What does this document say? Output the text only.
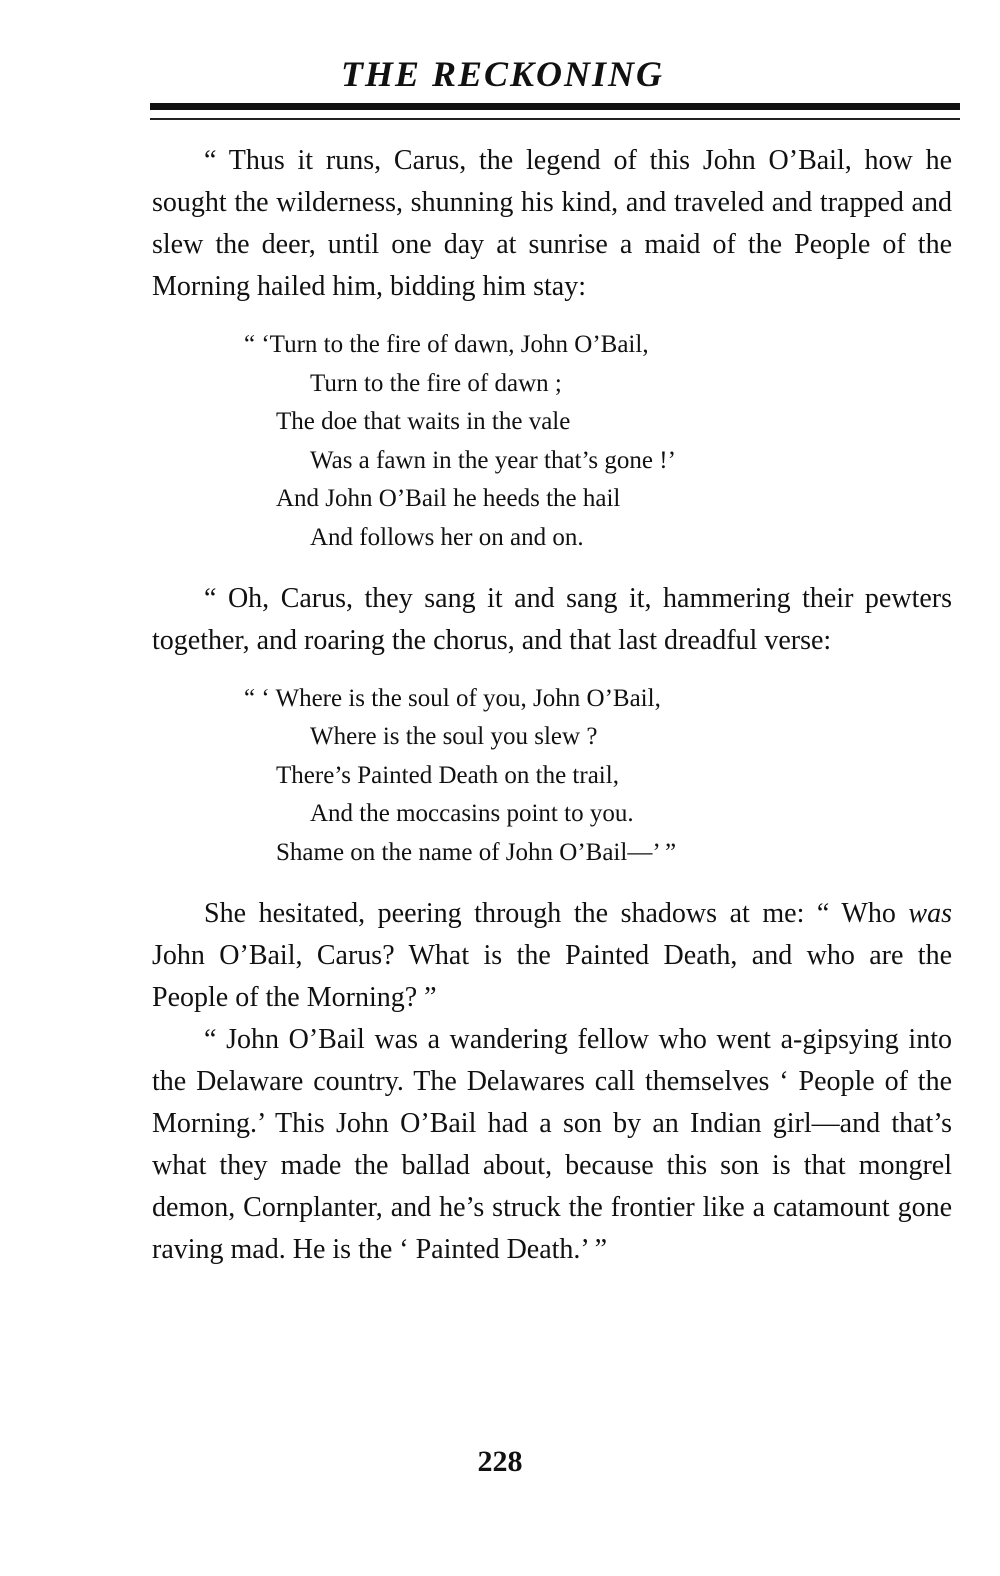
THE RECKONING

“ Thus it runs, Carus, the legend of this John O’Bail, how he sought the wilderness, shunning his kind, and traveled and trapped and slew the deer, until one day at sunrise a maid of the People of the Morning hailed him, bidding him stay:

“ ‘Turn to the fire of dawn, John O’Bail,
Turn to the fire of dawn ;
The doe that waits in the vale
Was a fawn in the year that’s gone !’
And John O’Bail he heeds the hail
And follows her on and on.

“ Oh, Carus, they sang it and sang it, hammering their pewters together, and roaring the chorus, and that last dreadful verse:

“ ‘ Where is the soul of you, John O’Bail,
Where is the soul you slew ?
There’s Painted Death on the trail,
And the moccasins point to you.
Shame on the name of John O’Bail—’ ”

She hesitated, peering through the shadows at me: “ Who was John O’Bail, Carus? What is the Painted Death, and who are the People of the Morning? ”

“ John O’Bail was a wandering fellow who went a-gipsying into the Delaware country. The Delawares call themselves ‘ People of the Morning.’ This John O’Bail had a son by an Indian girl—and that’s what they made the ballad about, because this son is that mongrel demon, Cornplanter, and he’s struck the frontier like a catamount gone raving mad. He is the ‘ Painted Death.’ ”

228
